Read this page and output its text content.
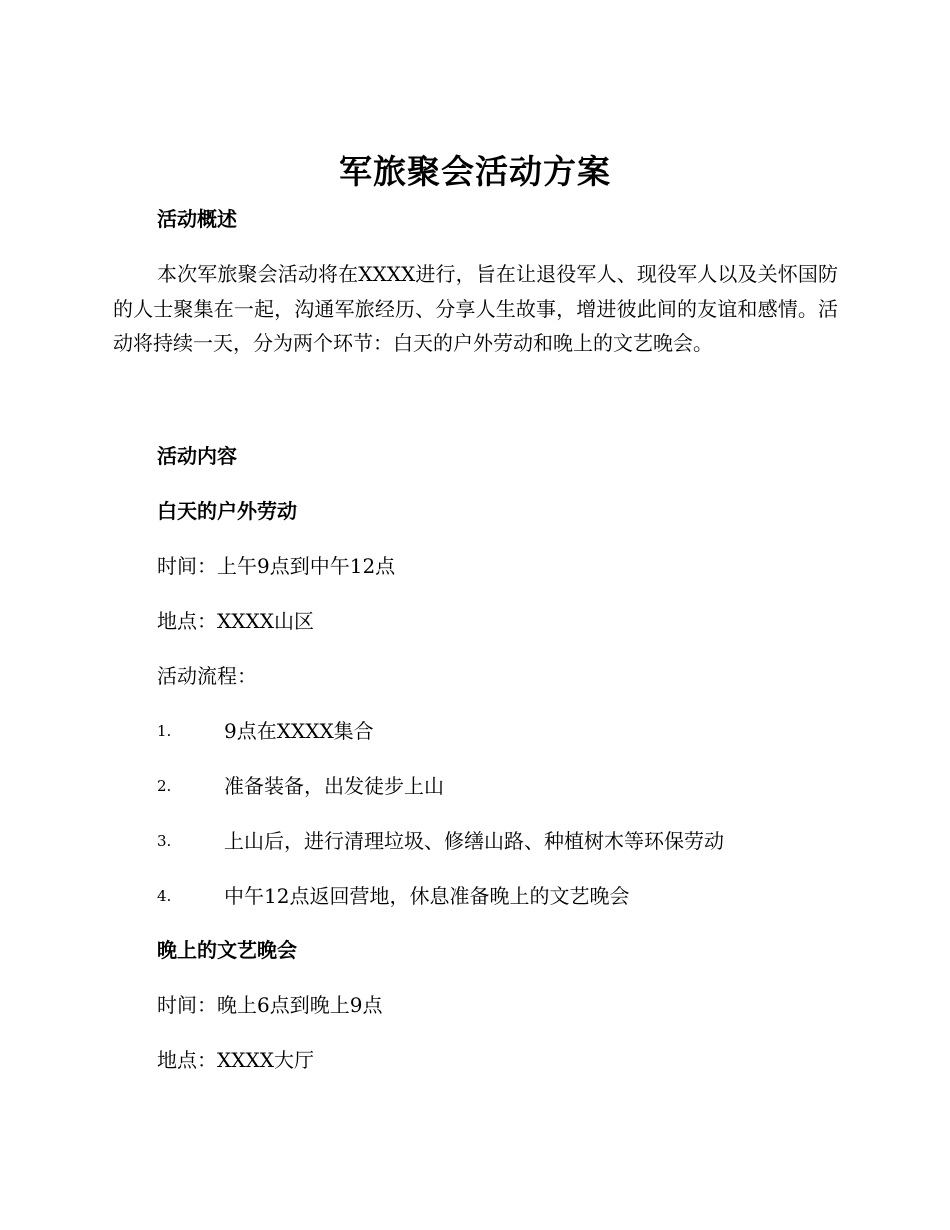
军旅聚会活动方案
活动概述
本次军旅聚会活动将在XXXX进行，旨在让退役军人、现役军人以及关怀国防的人士聚集在一起，沟通军旅经历、分享人生故事，增进彼此间的友谊和感情。活动将持续一天，分为两个环节：白天的户外劳动和晚上的文艺晚会。
活动内容
白天的户外劳动
时间：上午9点到中午12点
地点：XXXX山区
活动流程：
1.	9点在XXXX集合
2.	准备装备，出发徒步上山
3.	上山后，进行清理垃圾、修缮山路、种植树木等环保劳动
4.	中午12点返回营地，休息准备晚上的文艺晚会
晚上的文艺晚会
时间：晚上6点到晚上9点
地点：XXXX大厅
